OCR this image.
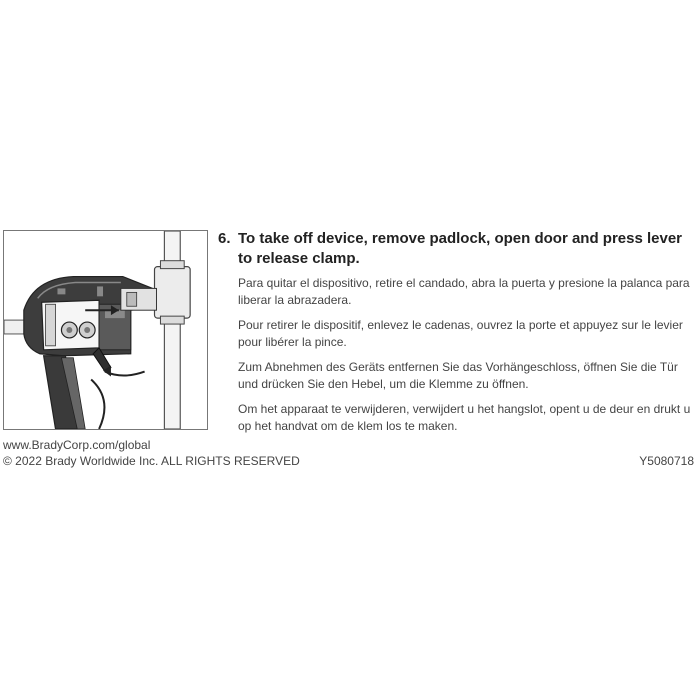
6. To take off device, remove padlock, open door and press lever to release clamp.

Para quitar el dispositivo, retire el candado, abra la puerta y presione la palanca para liberar la abrazadera.

Pour retirer le dispositif, enlevez le cadenas, ouvrez la porte et appuyez sur le levier pour libérer la pince.

Zum Abnehmen des Geräts entfernen Sie das Vorhängeschloss, öffnen Sie die Tür und drücken Sie den Hebel, um die Klemme zu öffnen.

Om het apparaat te verwijderen, verwijdert u het hangslot, opent u de deur en drukt u op het handvat om de klem los te maken.

www.BradyCorp.com/global
© 2022 Brady Worldwide Inc. ALL RIGHTS RESERVED	Y5080718
